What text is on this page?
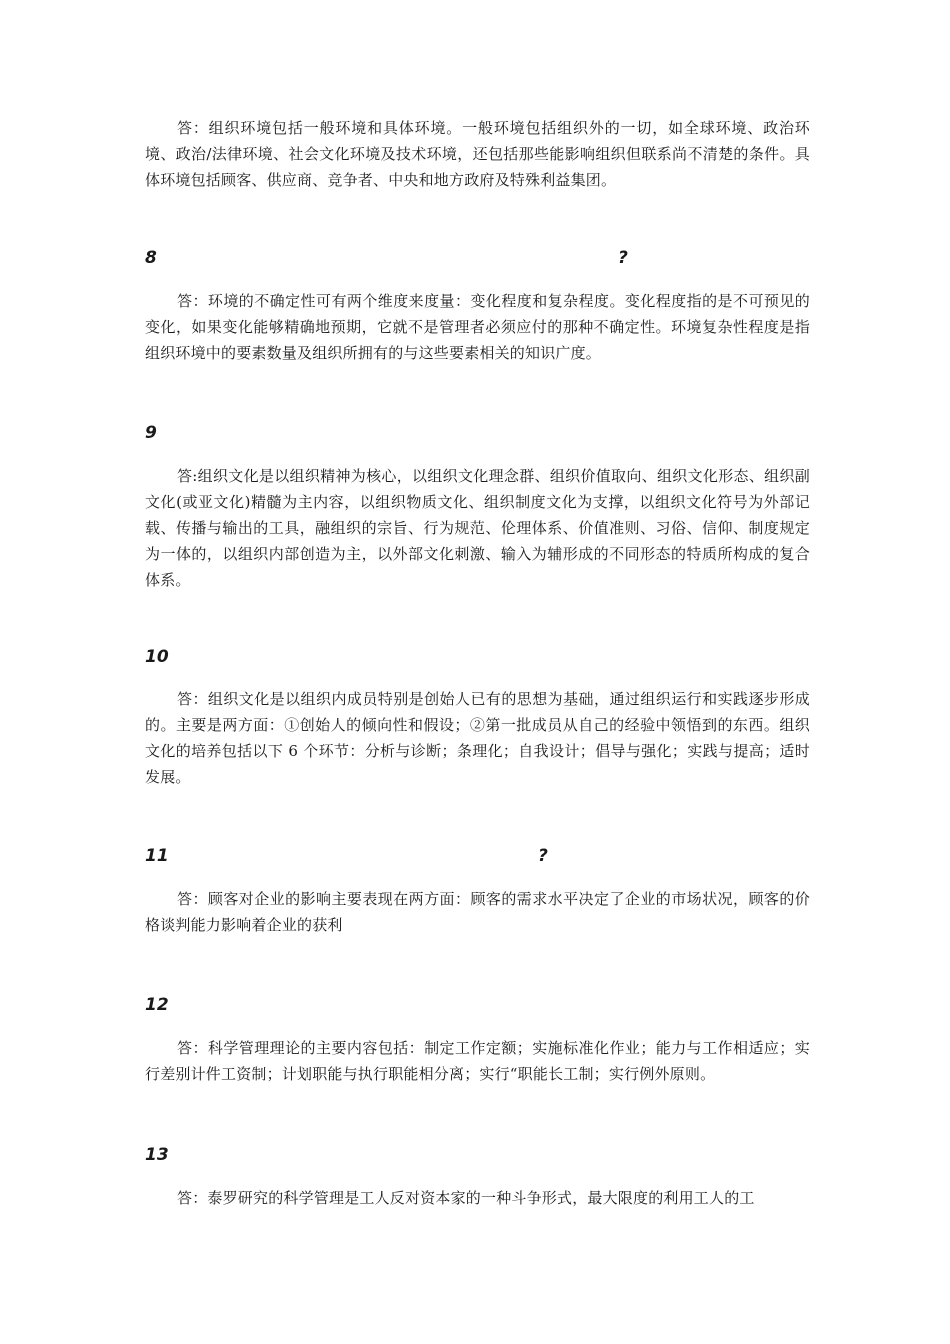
答：组织环境包括一般环境和具体环境。一般环境包括组织外的一切，如全球环境、政治环境、政治/法律环境、社会文化环境及技术环境，还包括那些能影响组织但联系尚不清楚的条件。具体环境包括顾客、供应商、竞争者、中央和地方政府及特殊利益集团。

8	?

答：环境的不确定性可有两个维度来度量：变化程度和复杂程度。变化程度指的是不可预见的变化，如果变化能够精确地预期，它就不是管理者必须应付的那种不确定性。环境复杂性程度是指组织环境中的要素数量及组织所拥有的与这些要素相关的知识广度。

9

答:组织文化是以组织精神为核心，以组织文化理念群、组织价值取向、组织文化形态、组织副文化(或亚文化)精髓为主内容，以组织物质文化、组织制度文化为支撑，以组织文化符号为外部记载、传播与输出的工具，融组织的宗旨、行为规范、伦理体系、价值准则、习俗、信仰、制度规定为一体的，以组织内部创造为主，以外部文化刺激、输入为辅形成的不同形态的特质所构成的复合体系。

10

答：组织文化是以组织内成员特别是创始人已有的思想为基础，通过组织运行和实践逐步形成的。主要是两方面：①创始人的倾向性和假设；②第一批成员从自己的经验中领悟到的东西。组织文化的培养包括以下 6 个环节：分析与诊断；条理化；自我设计；倡导与强化；实践与提高；适时发展。

11	?

答：顾客对企业的影响主要表现在两方面：顾客的需求水平决定了企业的市场状况，顾客的价格谈判能力影响着企业的获利

12

答：科学管理理论的主要内容包括：制定工作定额；实施标准化作业；能力与工作相适应；实行差别计件工资制；计划职能与执行职能相分离；实行“职能长工制；实行例外原则。

13

答：泰罗研究的科学管理是工人反对资本家的一种斗争形式，最大限度的利用工人的工
